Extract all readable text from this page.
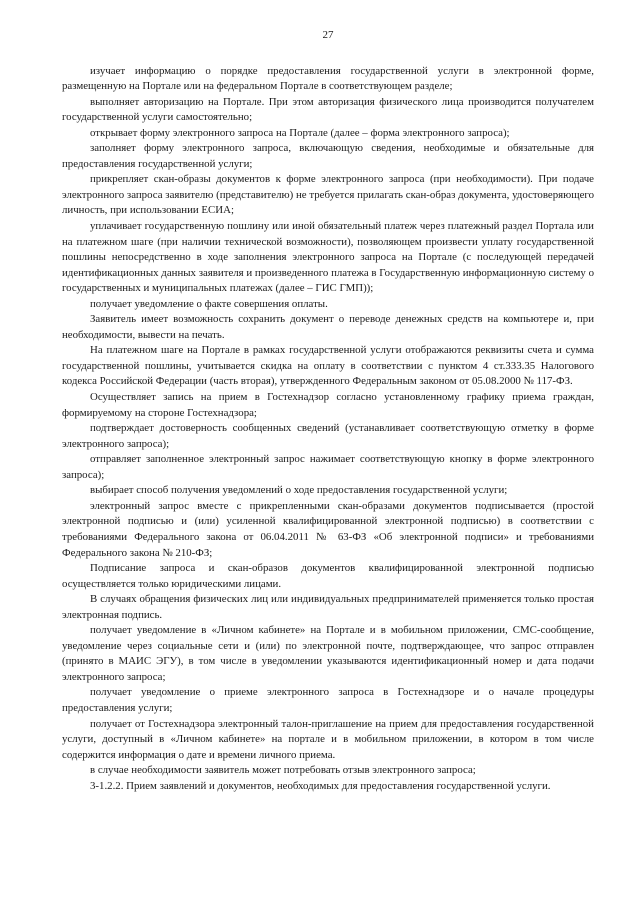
27

изучает информацию о порядке предоставления государственной услуги в электронной форме, размещенную на Портале или на федеральном Портале в соответствующем разделе;

выполняет авторизацию на Портале. При этом авторизация физического лица производится получателем государственной услуги самостоятельно;

открывает форму электронного запроса на Портале (далее – форма электронного запроса);

заполняет форму электронного запроса, включающую сведения, необходимые и обязательные для предоставления государственной услуги;

прикрепляет скан-образы документов к форме электронного запроса (при необходимости). При подаче электронного запроса заявителю (представителю) не требуется прилагать скан-образ документа, удостоверяющего личность, при использовании ЕСИА;

уплачивает государственную пошлину или иной обязательный платеж через платежный раздел Портала или на платежном шаге (при наличии технической возможности), позволяющем произвести уплату государственной пошлины непосредственно в ходе заполнения электронного запроса на Портале (с последующей передачей идентификационных данных заявителя и произведенного платежа в Государственную информационную систему о государственных и муниципальных платежах (далее – ГИС ГМП));

получает уведомление о факте совершения оплаты.

Заявитель имеет возможность сохранить документ о переводе денежных средств на компьютере и, при необходимости, вывести на печать.

На платежном шаге на Портале в рамках государственной услуги отображаются реквизиты счета и сумма государственной пошлины, учитывается скидка на оплату в соответствии с пунктом 4 ст.333.35 Налогового кодекса Российской Федерации (часть вторая), утвержденного Федеральным законом от 05.08.2000 № 117-ФЗ.

Осуществляет запись на прием в Гостехнадзор согласно установленному графику приема граждан, формируемому на стороне Гостехнадзора;

подтверждает достоверность сообщенных сведений (устанавливает соответствующую отметку в форме электронного запроса);

отправляет заполненное электронный запрос нажимает соответствующую кнопку в форме электронного запроса);

выбирает способ получения уведомлений о ходе предоставления государственной услуги;

электронный запрос вместе с прикрепленными скан-образами документов подписывается (простой электронной подписью и (или) усиленной квалифицированной электронной подписью) в соответствии с требованиями Федерального закона от 06.04.2011 № 63-ФЗ «Об электронной подписи» и требованиями Федерального закона № 210-ФЗ;

Подписание запроса и скан-образов документов квалифицированной электронной подписью осуществляется только юридическими лицами.

В случаях обращения физических лиц или индивидуальных предпринимателей применяется только простая электронная подпись.

получает уведомление в «Личном кабинете» на Портале и в мобильном приложении, СМС-сообщение, уведомление через социальные сети и (или) по электронной почте, подтверждающее, что запрос отправлен (принято в МАИС ЭГУ), в том числе в уведомлении указываются идентификационный номер и дата подачи электронного запроса;

получает уведомление о приеме электронного запроса в Гостехнадзоре и о начале процедуры предоставления услуги;

получает от Гостехнадзора электронный талон-приглашение на прием для предоставления государственной услуги, доступный в «Личном кабинете» на портале и в мобильном приложении, в котором в том числе содержится информация о дате и времени личного приема.

в случае необходимости заявитель может потребовать отзыв электронного запроса;

3-1.2.2. Прием заявлений и документов, необходимых для предоставления государственной услуги.
